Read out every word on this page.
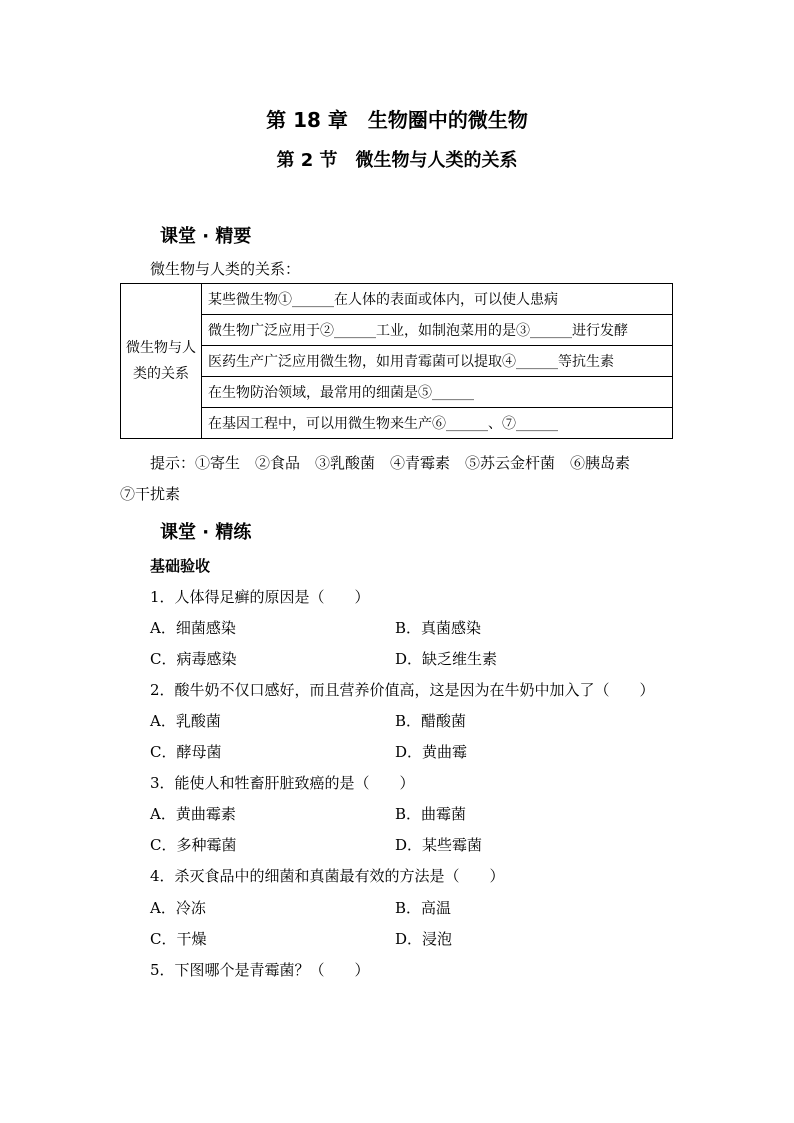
第 18 章　生物圈中的微生物
第 2 节　微生物与人类的关系
课堂 · 精要
微生物与人类的关系：
微生物与人类的关系	某些微生物①______在人体的表面或体内，可以使人患病
微生物广泛应用于②______工业，如制泡菜用的是③______进行发酵
医药生产广泛应用微生物，如用青霉菌可以提取④______等抗生素
在生物防治领域，最常用的细菌是⑤______
在基因工程中，可以用微生物来生产⑥______、⑦______
提示：①寄生　②食品　③乳酸菌　④青霉素　⑤苏云金杆菌　⑥胰岛素
⑦干扰素
课堂 · 精练
基础验收
1．人体得足癣的原因是（　　）
A．细菌感染	B．真菌感染
C．病毒感染	D．缺乏维生素
2．酸牛奶不仅口感好，而且营养价值高，这是因为在牛奶中加入了（　　）
A．乳酸菌	B．醋酸菌
C．酵母菌	D．黄曲霉
3．能使人和牲畜肝脏致癌的是（　　）
A．黄曲霉素	B．曲霉菌
C．多种霉菌	D．某些霉菌
4．杀灭食品中的细菌和真菌最有效的方法是（　　）
A．冷冻	B．高温
C．干燥	D．浸泡
5．下图哪个是青霉菌？（　　）
